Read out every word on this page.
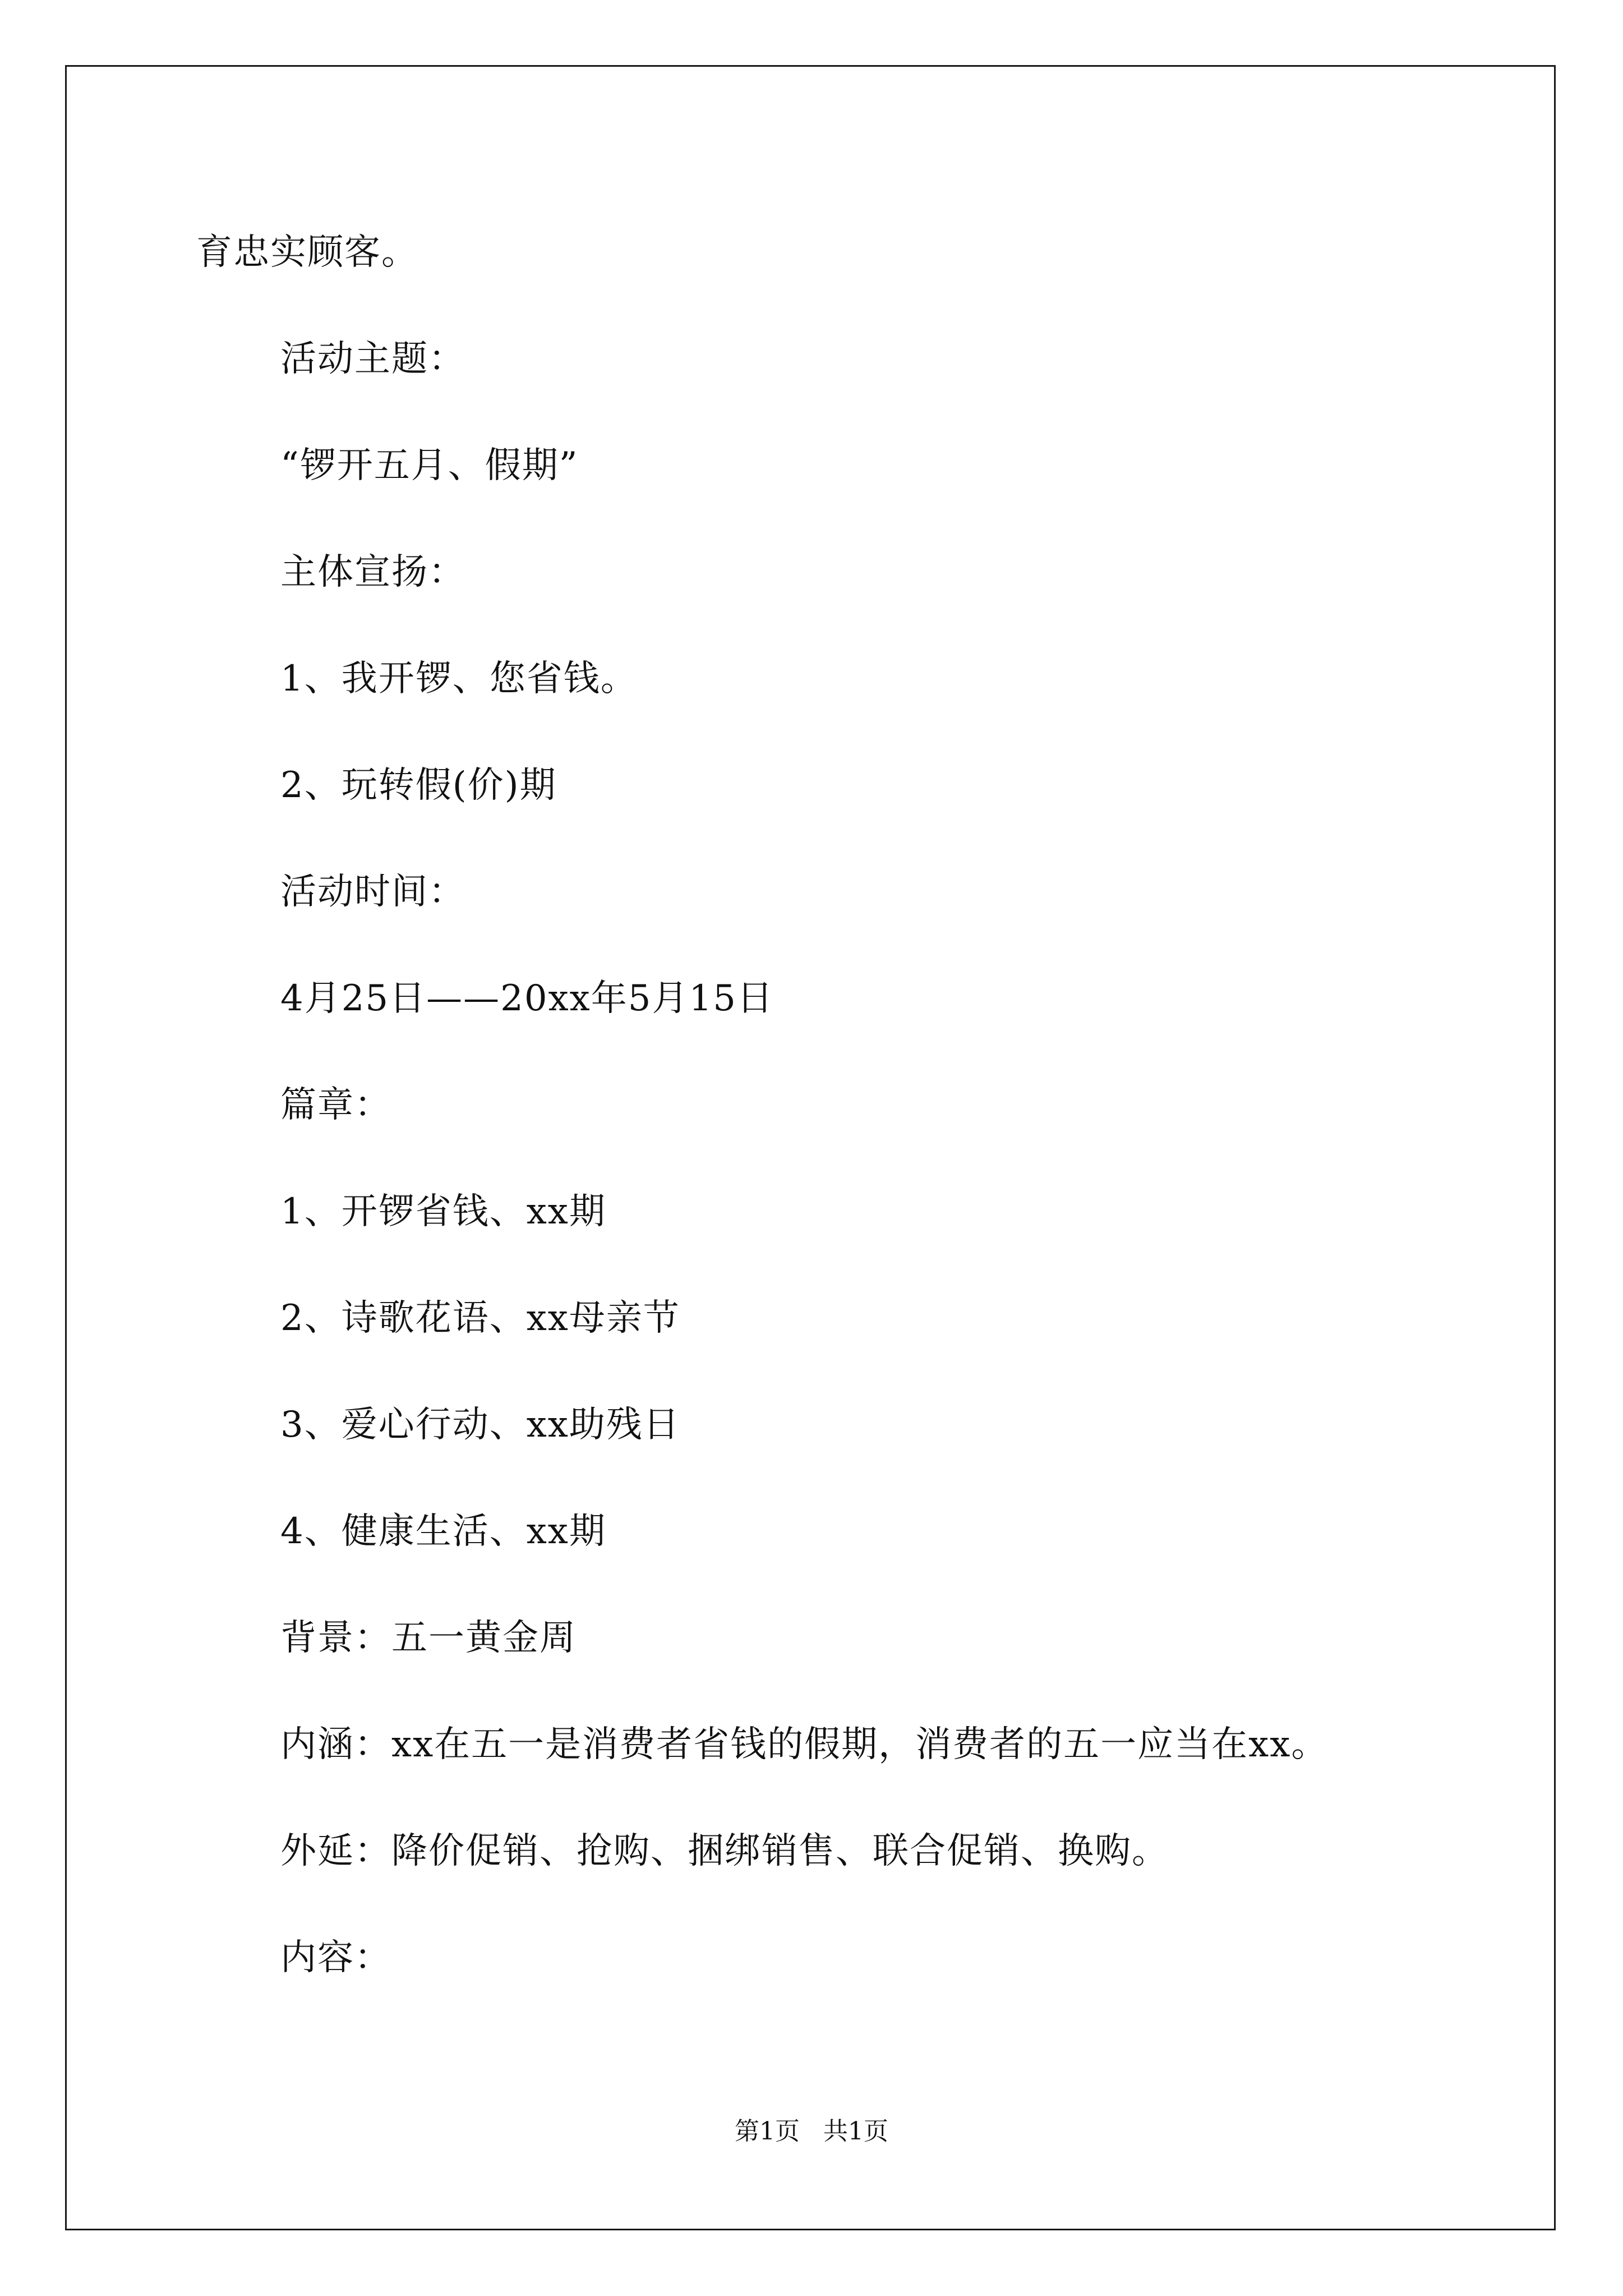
育忠实顾客。
活动主题：
“锣开五月、假期”
主体宣扬：
1、我开锣、您省钱。
2、玩转假(价)期
活动时间：
4月25日——20xx年5月15日
篇章：
1、开锣省钱、xx期
2、诗歌花语、xx母亲节
3、爱心行动、xx助残日
4、健康生活、xx期
背景：五一黄金周
内涵：xx在五一是消费者省钱的假期，消费者的五一应当在xx。
外延：降价促销、抢购、捆绑销售、联合促销、换购。
内容：
第1页   共1页
